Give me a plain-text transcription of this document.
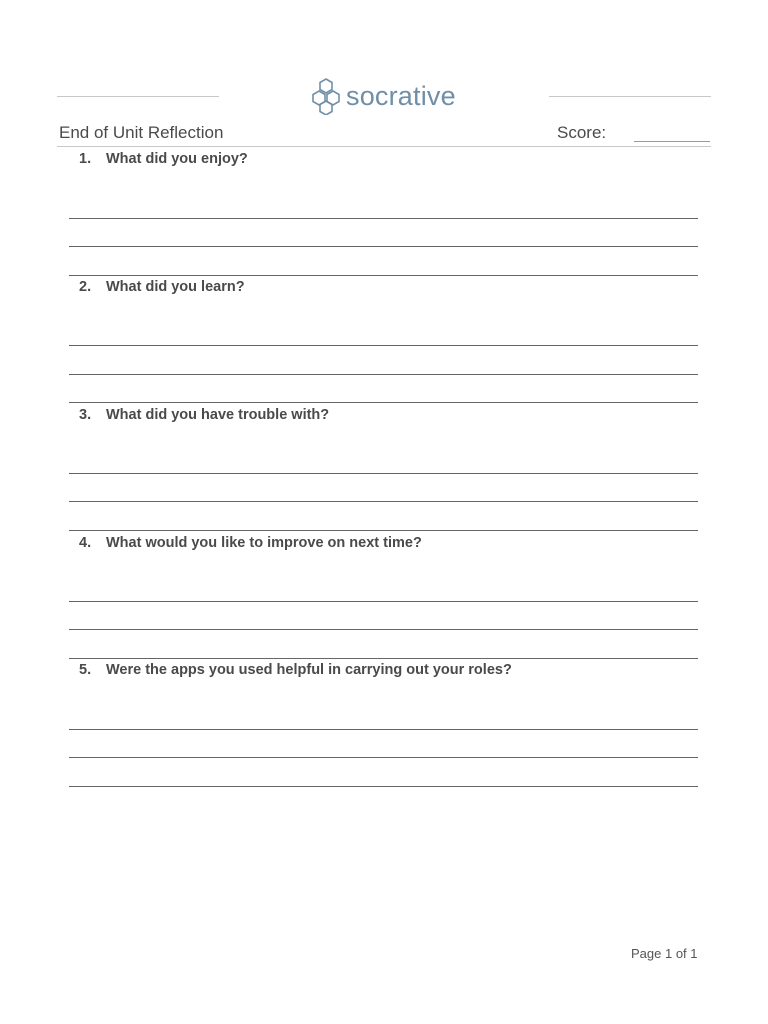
socrative
End of Unit Reflection	Score:
1.	What did you enjoy?
2.	What did you learn?
3.	What did you have trouble with?
4.	What would you like to improve on next time?
5.	Were the apps you used helpful in carrying out your roles?
Page 1 of 1
